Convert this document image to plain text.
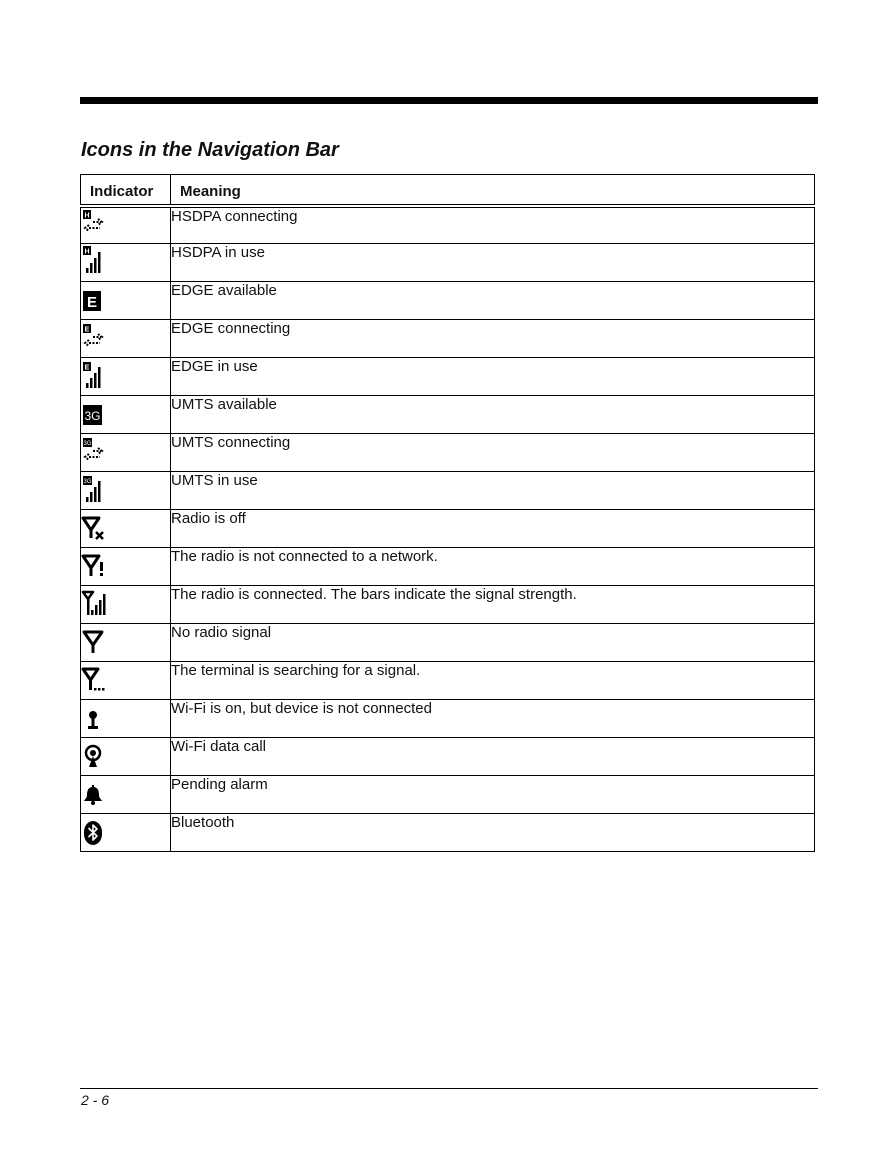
Icons in the Navigation Bar
Indicator	Meaning

H	HSDPA connecting

H	HSDPA in use

E	EDGE available

E	EDGE connecting

E	EDGE in use

3G	UMTS available

3G	UMTS connecting

3G	UMTS in use

	Radio is off

	The radio is not connected to a network.

	The radio is connected. The bars indicate the signal strength.

	No radio signal

	The terminal is searching for a signal.

	Wi-Fi is on, but device is not connected

	Wi-Fi data call

	Pending alarm

	Bluetooth
2 - 6
